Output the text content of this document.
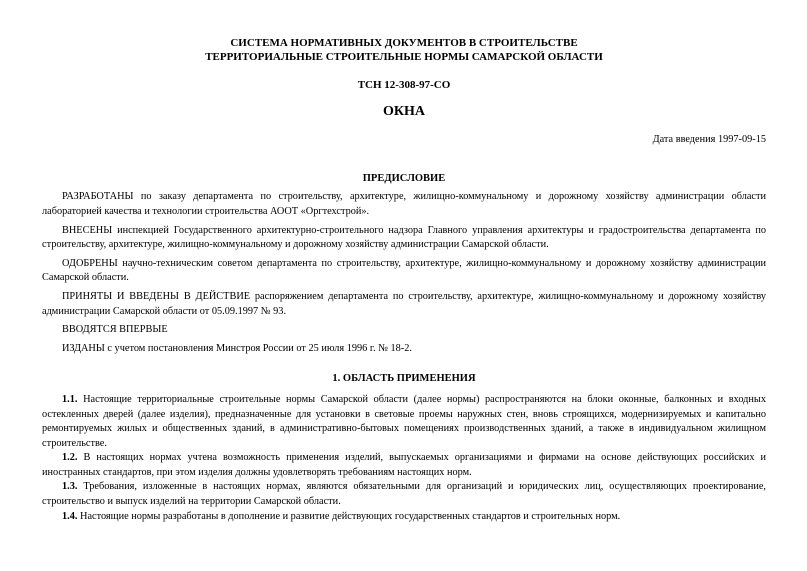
СИСТЕМА НОРМАТИВНЫХ ДОКУМЕНТОВ В СТРОИТЕЛЬСТВЕ

ТЕРРИТОРИАЛЬНЫЕ СТРОИТЕЛЬНЫЕ НОРМЫ САМАРСКОЙ ОБЛАСТИ

ТСН 12-308-97-СО

ОКНА

Дата введения 1997-09-15

ПРЕДИСЛОВИЕ

РАЗРАБОТАНЫ по заказу департамента по строительству, архитектуре, жилищно-коммунальному и дорожному хозяйству администрации области лабораторией качества и технологии строительства АООТ «Оргтехстрой».

ВНЕСЕНЫ инспекцией Государственного архитектурно-строительного надзора Главного управления архитектуры и градостроительства департамента по строительству, архитектуре, жилищно-коммунальному и дорожному хозяйству администрации Самарской области.

ОДОБРЕНЫ научно-техническим советом департамента по строительству, архитектуре, жилищно-коммунальному и дорожному хозяйству администрации Самарской области.

ПРИНЯТЫ И ВВЕДЕНЫ В ДЕЙСТВИЕ распоряжением департамента по строительству, архитектуре, жилищно-коммунальному и дорожному хозяйству администрации Самарской области от 05.09.1997 № 93.

ВВОДЯТСЯ ВПЕРВЫЕ

ИЗДАНЫ с учетом постановления Минстроя России от 25 июля 1996 г. № 18-2.

1. ОБЛАСТЬ ПРИМЕНЕНИЯ

1.1. Настоящие территориальные строительные нормы Самарской области (далее нормы) распространяются на блоки оконные, балконных и входных остекленных дверей (далее изделия), предназначенные для установки в световые проемы наружных стен, вновь строящихся, модернизируемых и капитально ремонтируемых жилых и общественных зданий, в административно-бытовых помещениях производственных зданий, а также в индивидуальном жилищном строительстве.

1.2. В настоящих нормах учтена возможность применения изделий, выпускаемых организациями и фирмами на основе действующих российских и иностранных стандартов, при этом изделия должны удовлетворять требованиям настоящих норм.

1.3. Требования, изложенные в настоящих нормах, являются обязательными для организаций и юридических лиц, осуществляющих проектирование, строительство и выпуск изделий на территории Самарской области.

1.4. Настоящие нормы разработаны в дополнение и развитие действующих государственных стандартов и строительных норм.
